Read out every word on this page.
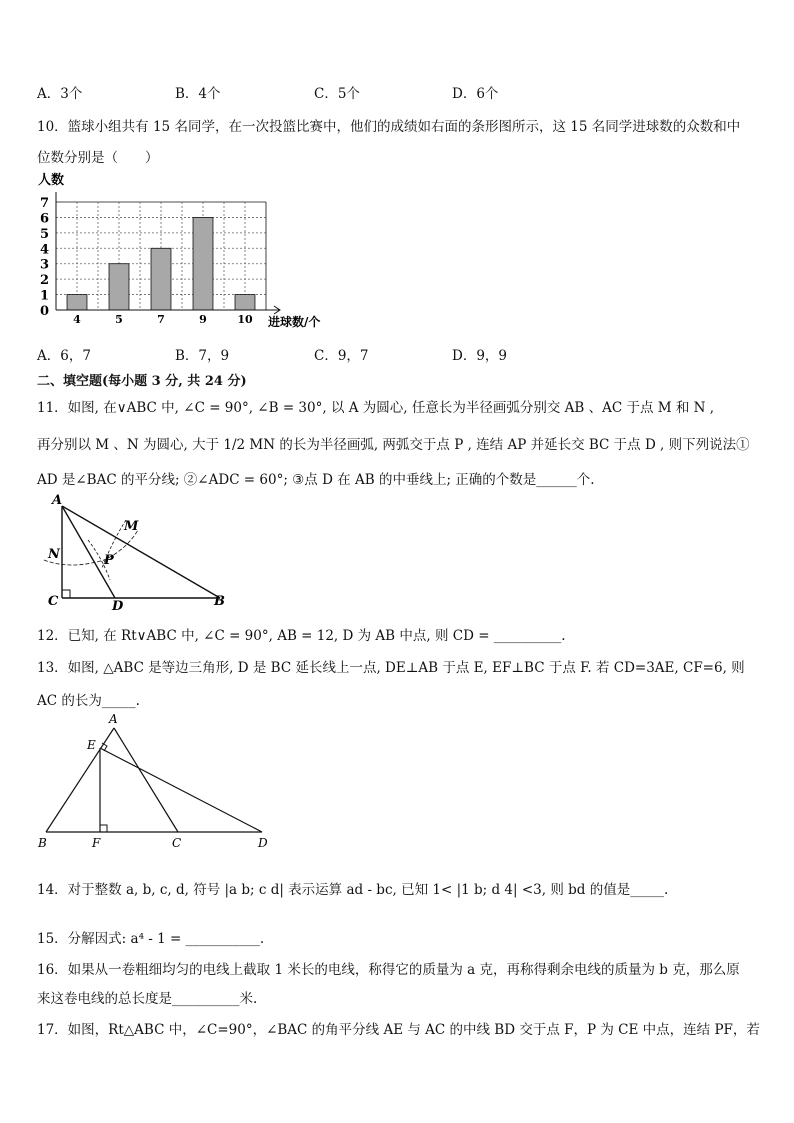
A．3个	B．4个	C．5个	D．6个
10．篮球小组共有 15 名同学，在一次投篮比赛中，他们的成绩如右面的条形图所示，这 15 名同学进球数的众数和中
位数分别是（　　）
人数
0
1
2
3
4
5
6
7
4	5	7	9	10 进球数/个
A．6，7	B．7，9	C．9，7	D．9，9
二、填空题(每小题 3 分, 共 24 分)
11．如图, 在∨ABC 中, ∠C = 90°, ∠B = 30°, 以 A 为圆心, 任意长为半径画弧分别交 AB 、AC 于点 M 和 N ,
再分别以 M 、N 为圆心, 大于 1/2 MN 的长为半径画弧, 两弧交于点 P , 连结 AP 并延长交 BC 于点 D , 则下列说法①
AD 是∠BAC 的平分线; ②∠ADC = 60°; ③点 D 在 AB 的中垂线上; 正确的个数是______个.
A
M
N	P
C	D	B
12．已知, 在 Rt∨ABC 中, ∠C = 90°, AB = 12, D 为 AB 中点, 则 CD = __________.
13．如图, △ABC 是等边三角形, D 是 BC 延长线上一点, DE⊥AB 于点 E, EF⊥BC 于点 F. 若 CD=3AE, CF=6, 则
AC 的长为_____.
A
E
B	F	C	D
14．对于整数 a, b, c, d, 符号 |a b; c d| 表示运算 ad - bc, 已知 1< |1 b; d 4| <3, 则 bd 的值是_____.
15．分解因式: a⁴ - 1 = ___________.
16．如果从一卷粗细均匀的电线上截取 1 米长的电线，称得它的质量为 a 克，再称得剩余电线的质量为 b 克，那么原
来这卷电线的总长度是__________米.
17．如图，Rt△ABC 中，∠C=90°，∠BAC 的角平分线 AE 与 AC 的中线 BD 交于点 F，P 为 CE 中点，连结 PF，若
